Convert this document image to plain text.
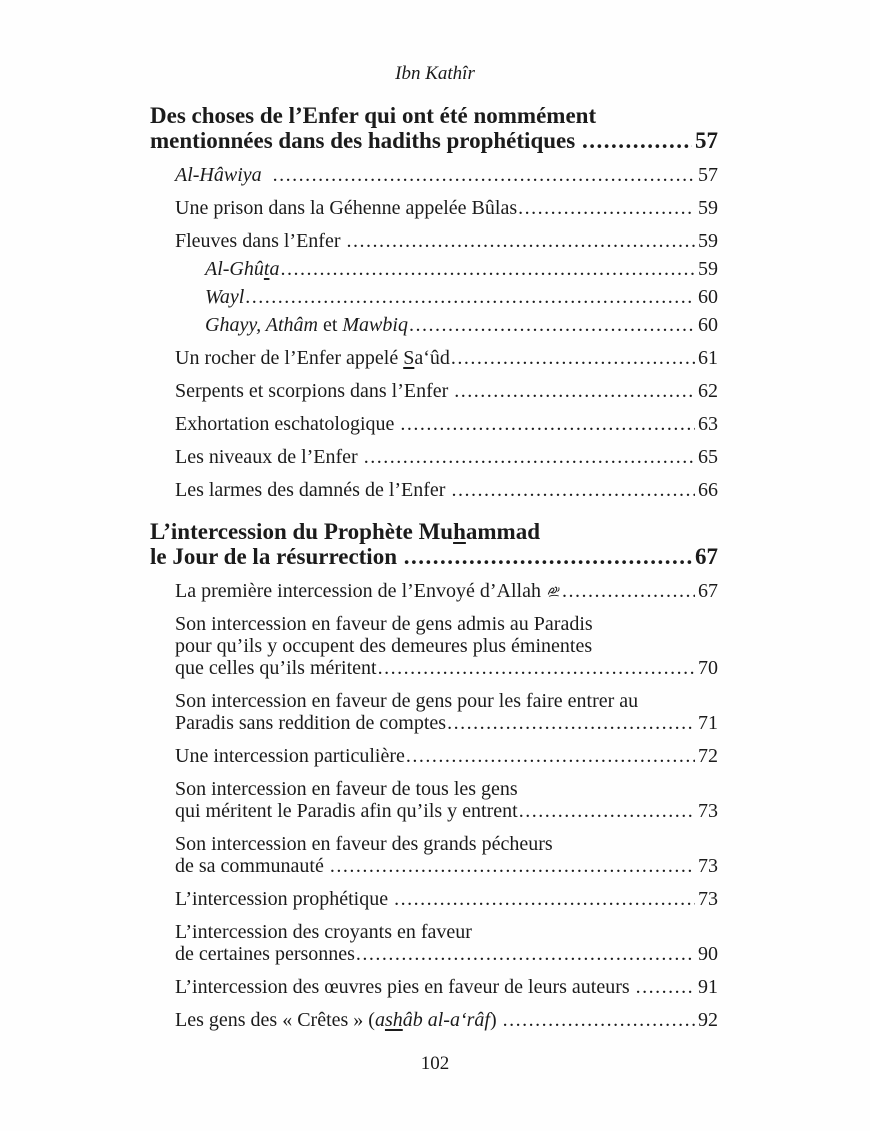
Ibn Kathîr
Des choses de l’Enfer qui ont été nommément
mentionnées dans des hadiths prophétiques .....	57
Al-Hâwiya .....	57
Une prison dans la Géhenne appelée Bûlas .....	59
Fleuves dans l’Enfer .....	59
Al-Ghûta .....	59
Wayl .....	60
Ghayy, Athâm et Mawbiq .....	60
Un rocher de l’Enfer appelé Sa‘ûd .....	61
Serpents et scorpions dans l’Enfer .....	62
Exhortation eschatologique .....	63
Les niveaux de l’Enfer .....	65
Les larmes des damnés de l’Enfer .....	66
L’intercession du Prophète Muhammad
le Jour de la résurrection .....	67
La première intercession de l’Envoyé d’Allah .....	67
Son intercession en faveur de gens admis au Paradis
pour qu’ils y occupent des demeures plus éminentes
que celles qu’ils méritent .....	70
Son intercession en faveur de gens pour les faire entrer au
Paradis sans reddition de comptes .....	71
Une intercession particulière .....	72
Son intercession en faveur de tous les gens
qui méritent le Paradis afin qu’ils y entrent .....	73
Son intercession en faveur des grands pécheurs
de sa communauté .....	73
L’intercession prophétique .....	73
L’intercession des croyants en faveur
de certaines personnes .....	90
L’intercession des œuvres pies en faveur de leurs auteurs .....	91
Les gens des « Crêtes » (ashâb al-a‘râf) .....	92
102
